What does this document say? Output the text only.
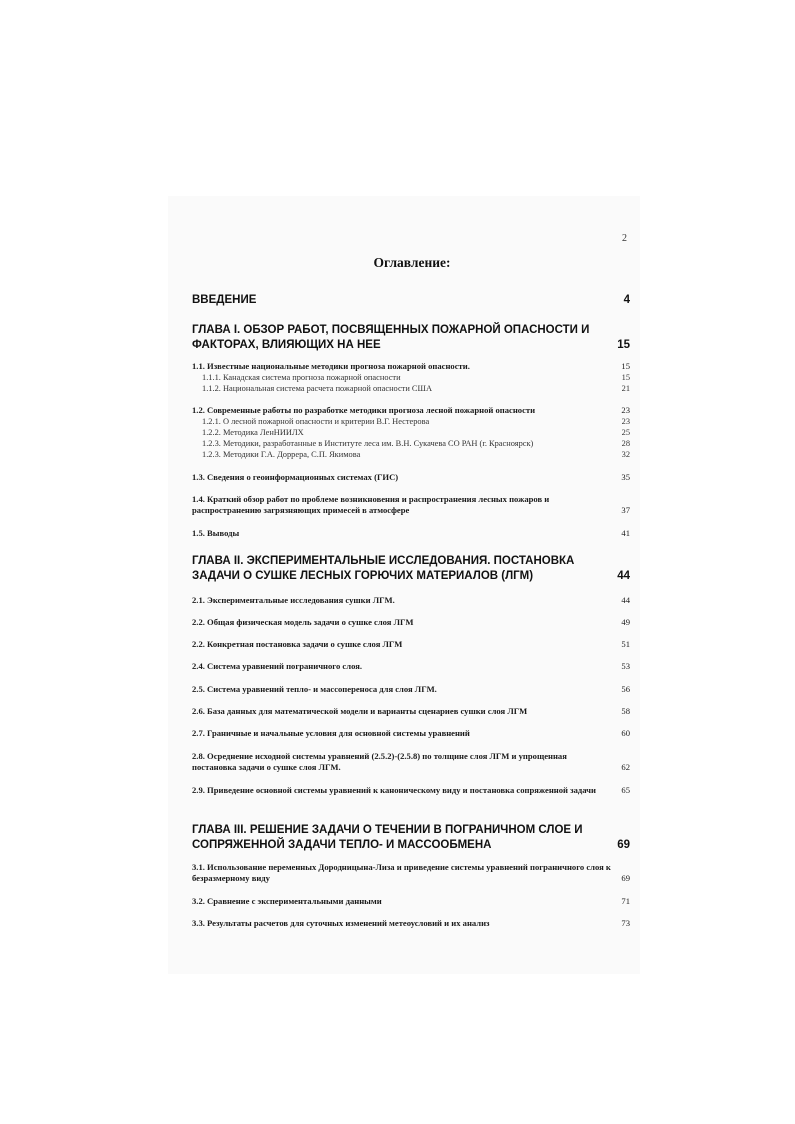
2
Оглавление:
ВВЕДЕНИЕ	4
ГЛАВА I. ОБЗОР РАБОТ, ПОСВЯЩЕННЫХ ПОЖАРНОЙ ОПАСНОСТИ И ФАКТОРАХ, ВЛИЯЮЩИХ НА НЕЕ	15
1.1. Известные национальные методики прогноза пожарной опасности.	15
1.1.1. Канадская система прогноза пожарной опасности	15
1.1.2. Национальная система расчета пожарной опасности США	21
1.2. Современные работы по разработке методики прогноза лесной пожарной опасности	23
1.2.1. О лесной пожарной опасности и критерии В.Г. Нестерова	23
1.2.2. Методика ЛенНИИЛХ	25
1.2.3. Методики, разработанные в Институте леса им. В.Н. Сукачева СО РАН (г. Красноярск)	28
1.2.3. Методики Г.А. Доррера, С.П. Якимова	32
1.3. Сведения о геоинформационных системах (ГИС)	35
1.4. Краткий обзор работ по проблеме возникновения и распространения лесных пожаров и распространению загрязняющих примесей в атмосфере	37
1.5. Выводы	41
ГЛАВА II. ЭКСПЕРИМЕНТАЛЬНЫЕ ИССЛЕДОВАНИЯ. ПОСТАНОВКА ЗАДАЧИ О СУШКЕ ЛЕСНЫХ ГОРЮЧИХ МАТЕРИАЛОВ (ЛГМ)	44
2.1. Экспериментальные исследования сушки ЛГМ.	44
2.2. Общая физическая модель задачи о сушке слоя ЛГМ	49
2.2. Конкретная постановка задачи о сушке слоя ЛГМ	51
2.4. Система уравнений пограничного слоя.	53
2.5. Система уравнений тепло- и массопереноса для слоя ЛГМ.	56
2.6. База данных для математической модели и варианты сценариев сушки слоя ЛГМ	58
2.7. Граничные и начальные условия для основной системы уравнений	60
2.8. Осреднение исходной системы уравнений (2.5.2)-(2.5.8) по толщине слоя ЛГМ и упрощенная постановка задачи о сушке слоя ЛГМ.	62
2.9. Приведение основной системы уравнений к каноническому виду и постановка сопряженной задачи	65
ГЛАВА III. РЕШЕНИЕ ЗАДАЧИ О ТЕЧЕНИИ В ПОГРАНИЧНОМ СЛОЕ И СОПРЯЖЕННОЙ ЗАДАЧИ ТЕПЛО- И МАССООБМЕНА	69
3.1. Использование переменных Дородницына-Лиза и приведение системы уравнений пограничного слоя к безразмерному виду	69
3.2. Сравнение с экспериментальными данными	71
3.3. Результаты расчетов для суточных изменений метеоусловий и их анализ	73
